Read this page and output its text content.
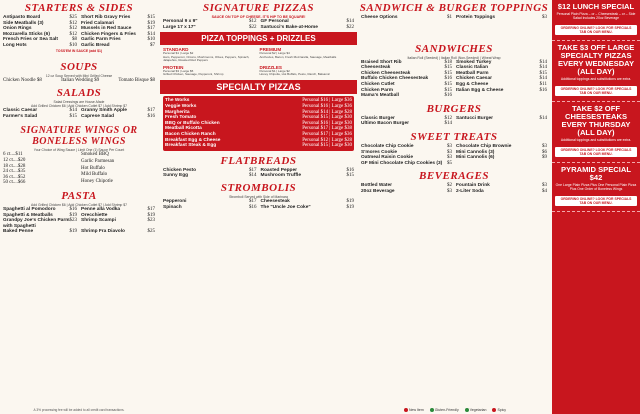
STARTERS & SIDES
Antipasto Board	$25 Short Rib Gravy Fries	$15
Side Meatballs (3)	$12 Fried Calamari	$19
Onion Rings	$12 Mussels in Red Sauce	$17
Mozzarella Sticks (6)	$12 Chicken Fingers & Fries $14
French Fries or Sea Salt	$8 Garlic Parm Fries	$10
Long Hots	$10 Garlic Bread	$7
TOSS'EM IN SAUCE (add $1)
SOUPS
12 oz Soup Served with Mini Grilled Cheese
Chicken Noodle $8	Italian Wedding $9	Tomato Bisque $8
SALADS
Salad Dressings are House-Made
Add Grilled Chicken $6 | Add Chicken Cutlet $7 | Add Shrimp $7
Classic Caesar	$14 Granny Smith Apple	$17
Farmer's Salad	$15 Caprese Salad	$16
SIGNATURE WINGS OR BONELESS WINGS
Your Choice of Wing Sauce | Limit One (1) Sauce Per Count
6 ct....$11
12 ct....$20
18 ct....$28
24 ct....$35
36 ct....$52
50 ct....$66
Smoked BBQ
Garlic Parmesan
Hot Buffalo
Mild Buffalo
Honey Chipotle
PASTA
Add Grilled Chicken $6 | Add Chicken Cutlet $7 | Add Shrimp $7
Spaghetti al Pomodoro	$16 Penne alla Vodka	$17
Spaghetti & Meatballs	$19 Orecchiette	$19
Grandpy Joe's Chicken Parm with Spaghetti
$23 Shrimp Scampi	$23
Baked Penne	$19 Shrimp Fra Diavolo	$25
SIGNATURE PIZZAS
SAUCE ON TOP OF CHEESE. IT'S HIP TO BE SQUARE!
Personal 9 x 9"	$12 GF Personal	$14
Large 17 x 17"	$22 Santucci's Bake-at-Home	$22
PIZZA TOPPINGS + DRIZZLES
STANDARD
Personal $1 | Large $2
Ham, Pepperoni, Onions, Mushrooms, Olives, Peppers, Spinach, Jalapeños, Roasted Red Peppers
PREMIUM
Personal $2 | Large $4
Anchovies, Bacon, Fresh Mozzarella, Sausage, Meatballs
PROTEIN
Personal $3 | Large $5
Grilled Chicken, Sausage, Pepperoni, Shrimp
DRIZZLES
Personal $1 | Large $2
Honey Chipotle, Hot Buffalo, Pesto, Ranch, Balsamic
SPECIALTY PIZZAS
The Works	Personal $16 | Large $36
Veggie Works	Personal $16 | Large $36
Margherita	Personal $14 | Large $28
Fresh Tomato	Personal $15 | Large $30
BBQ or Buffalo Chicken	Personal $16 | Large $30
Meatball Ricotta	Personal $17 | Large $38
Bacon Chicken Ranch	Personal $17 | Large $36
Breakfast Egg & Cheese	Personal $12 | Large $28
Breakfast Steak & Egg	Personal $15 | Large $30
FLATBREADS
Chicken Pesto	$17 Roasted Pepper	$16
Sunny Egg	$14 Mushroom Truffle	$15
STROMBOLIS
Stromboli Served with Side of Marinara
Pepperoni	$17 Cheesesteak	$19
Spinach	$16 The "Uncle Joe Coke"	$19
SANDWICH & BURGER TOPPINGS
Cheese Options	$1 Protein Toppings	$3
SANDWICHES
Italian Roll (Seeded) | Italian Roll (Non-Seeded) | Wheat Wrap
Braised Short Rib	$18 Smoked Turkey	$14
Cheesesteak	$15 Classic Italian	$14
Chicken Cheesesteak	$15 Meatball Parm	$15
Buffalo Chicken Cheesesteak	$16 Chicken Caesar	$14
Chicken Cutlet	$15 Egg & Cheese	$11
Chicken Parm	$15 Italian Egg & Cheese	$16
Mama's Meatball	$16
BURGERS
Classic Burger	$12 Santucci Burger	$14
Ultimo Bacon Burger	$14
SWEET TREATS
Chocolate Chip Cookie	$3 Chocolate Chip Brownie	$3
S'mores Cookie	$3 Mini Cannolis (3)	$6
Oatmeal Raisin Cookie	$3 Mini Cannolis (6)	$9
GF Mini Chocolate Chip Cookies (3) $5
BEVERAGES
Bottled Water	$2 Fountain Drink	$3
20oz Beverage	$3 2-Liter Soda	$4
$12 LUNCH SPECIAL
Personal Plain Pizza – or – Cheesesteak – or – Side Salad Includes 20oz Beverage
ORDERING ONLINE? LOOK FOR SPECIALS TAB ON OUR MENU.
TAKE $3 OFF LARGE SPECIALTY PIZZAS EVERY WEDNESDAY (ALL DAY)
Additional toppings and substitutions are extra.
ORDERING ONLINE? LOOK FOR SPECIALS TAB ON OUR MENU.
TAKE $2 OFF CHEESESTEAKS EVERY THURSDAY (ALL DAY)
Additional toppings and substitutions are extra.
ORDERING ONLINE? LOOK FOR SPECIALS TAB ON OUR MENU.
PYRAMID SPECIAL $42
One Large Plain Pizza Plus One Personal Plain Pizza Plus One Order of Boneless Wings
ORDERING ONLINE? LOOK FOR SPECIALS TAB ON OUR MENU.
New Item	Gluten-Friendly	Vegetarian	Spicy
A 3% processing fee will be added to all credit card transactions.
